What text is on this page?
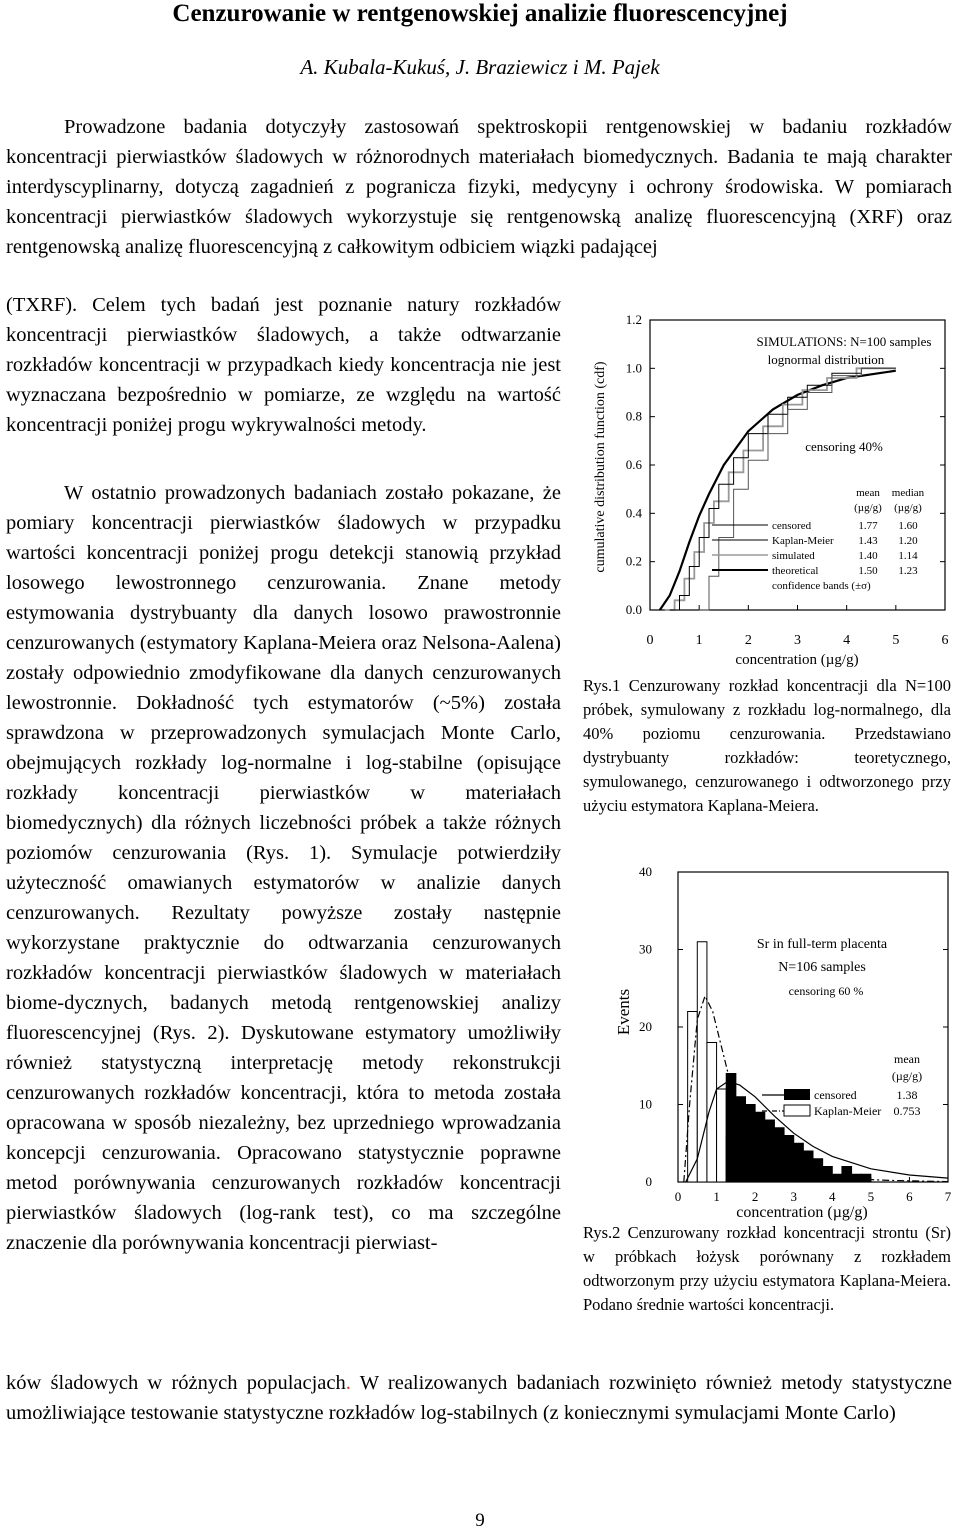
Cenzurowanie w rentgenowskiej analizie fluorescencyjnej
A. Kubala-Kukuś, J. Braziewicz i M. Pajek
Prowadzone badania dotyczyły zastosowań spektroskopii rentgenowskiej w badaniu rozkładów koncentracji pierwiastków śladowych w różnorodnych materiałach biomedycznych. Badania te mają charakter interdyscyplinarny, dotyczą zagadnień z pogranicza fizyki, medycyny i ochrony środowiska. W pomiarach koncentracji pierwiastków śladowych wykorzystuje się rentgenowską analizę fluorescencyjną (XRF) oraz rentgenowską analizę fluorescencyjną z całkowitym odbiciem wiązki padającej
(TXRF). Celem tych badań jest poznanie natury rozkładów koncentracji pierwiastków śladowych, a także odtwarzanie rozkładów koncentracji w przypadkach kiedy koncentracja nie jest wyznaczana bezpośrednio w pomiarze, ze względu na wartość koncentracji poniżej progu wykrywalności metody.
W ostatnio prowadzonych badaniach zostało pokazane, że pomiary koncentracji pierwiastków śladowych w przypadku wartości koncentracji poniżej progu detekcji stanowią przykład losowego lewostronnego cenzurowania. Znane metody estymowania dystrybuanty dla danych losowo prawostronnie cenzurowanych (estymatory Kaplana-Meiera oraz Nelsona-Aalena) zostały odpowiednio zmodyfikowane dla danych cenzurowanych lewostronnie. Dokładność tych estymatorów (~5%) została sprawdzona w przeprowadzonych symulacjach Monte Carlo, obejmujących rozkłady log-normalne i log-stabilne (opisujące rozkłady koncentracji pierwiastków w materiałach biomedycznych) dla różnych liczebności próbek a także różnych poziomów cenzurowania (Rys. 1). Symulacje potwierdziły użyteczność omawianych estymatorów w analizie danych cenzurowanych. Rezultaty powyższe zostały następnie wykorzystane praktycznie do odtwarzania cenzurowanych rozkładów koncentracji pierwiastków śladowych w materiałach biome-dycznych, badanych metodą rentgenowskiej analizy fluorescencyjnej (Rys. 2). Dyskutowane estymatory umożliwiły również statystyczną interpretację metody rekonstrukcji cenzurowanych rozkładów koncentracji, która to metoda została opracowana w sposób niezależny, bez uprzedniego wprowadzania koncepcji cenzurowania. Opracowano statystycznie poprawne metod porównywania cenzurowanych rozkładów koncentracji pierwiastków śladowych (log-rank test), co ma szczególne znaczenie dla porównywania koncentracji pierwiast-
ków śladowych w różnych populacjach. W realizowanych badaniach rozwinięto również metody statystyczne umożliwiające testowanie statystyczne rozkładów log-stabilnych (z koniecznymi symulacjami Monte Carlo)
0.0
0.2
0.4
0.6
0.8
1.0
1.2
0	1	2	3	4	5	6
cumulative distribution function (cdf)
concentration (µg/g)
SIMULATIONS: N=100 samples
lognormal distribution
censoring 40%
mean median
(µg/g) (µg/g)
censored	1.77 1.60
Kaplan-Meier 1.43 1.20
simulated	1.40 1.14
theoretical	1.50 1.23
confidence bands (±σ)
Rys.1 Cenzurowany rozkład koncentracji dla N=100 próbek, symulowany z rozkładu log-normalnego, dla 40% poziomu cenzurowania. Przedstawiano dystrybuanty rozkładów: teoretycznego, symulowanego, cenzurowanego i odtworzonego przy użyciu estymatora Kaplana-Meiera.
0
10
20
30
40
0 1 2 3 4 5 6 7
Events
concentration (µg/g)
Sr in full-term placenta
N=106 samples
censoring 60 %
mean
(µg/g)
censored	1.38
Kaplan-Meier 0.753
Rys.2 Cenzurowany rozkład koncentracji strontu (Sr) w próbkach łożysk porównany z rozkładem odtworzonym przy użyciu estymatora Kaplana-Meiera. Podano średnie wartości koncentracji.
9
